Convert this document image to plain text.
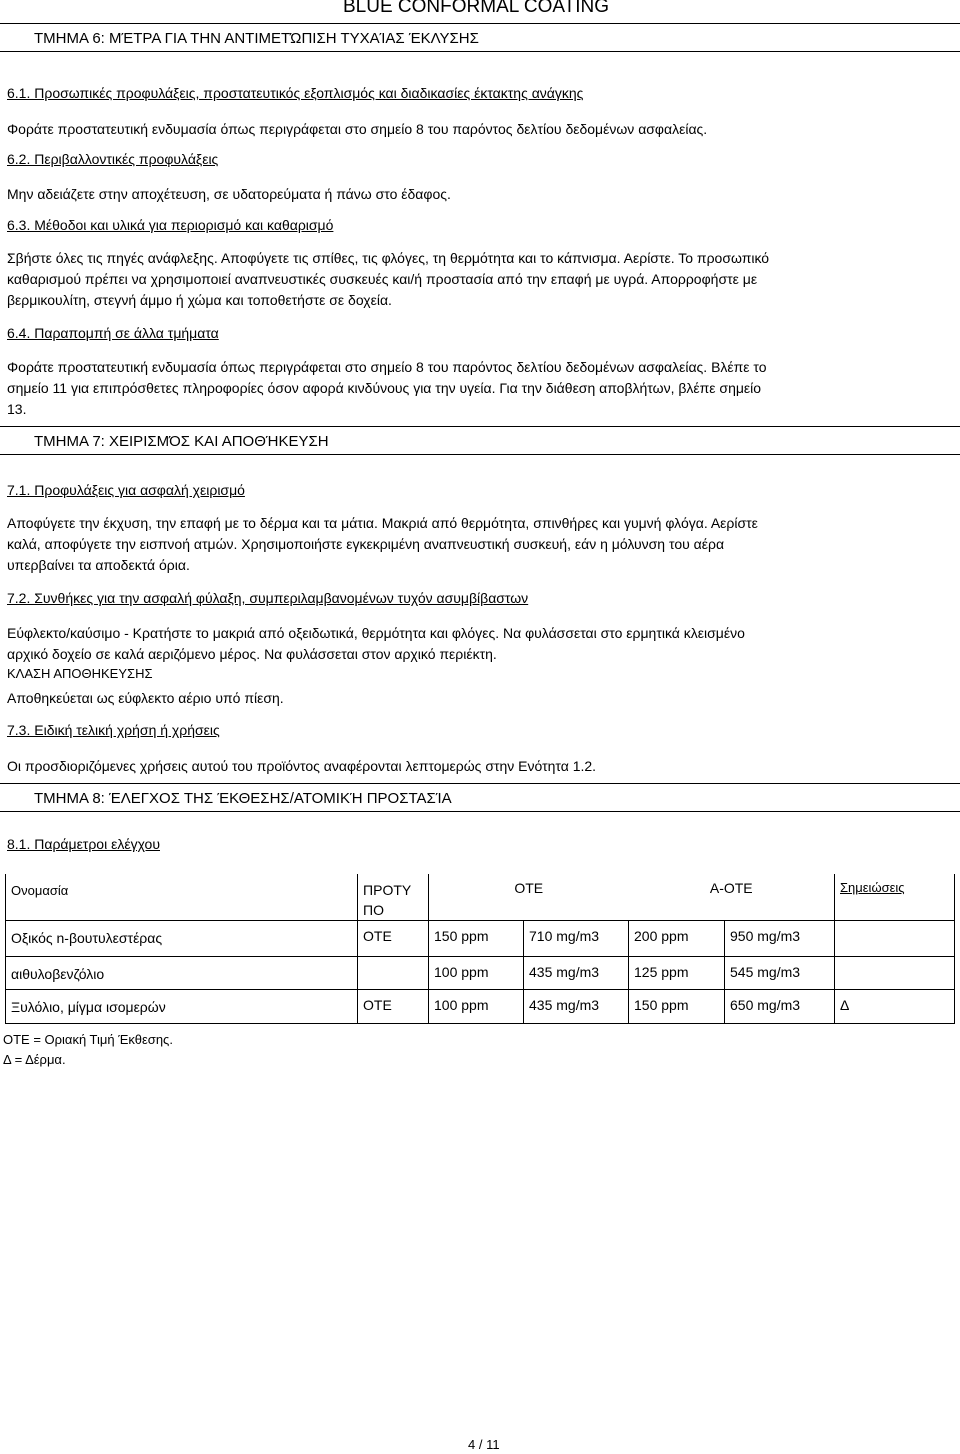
BLUE CONFORMAL COATING
ΤΜΗΜΑ 6: ΜΈΤΡΑ ΓΙΑ ΤΗΝ ΑΝΤΙΜΕΤΏΠΙΣΗ ΤΥΧΑΊΑΣ ΈΚΛΥΣΗΣ
6.1. Προσωπικές προφυλάξεις, προστατευτικός εξοπλισμός και διαδικασίες έκτακτης ανάγκης
Φοράτε προστατευτική ενδυμασία όπως περιγράφεται στο σημείο 8 του παρόντος δελτίου δεδομένων ασφαλείας.
6.2. Περιβαλλοντικές προφυλάξεις
Μην αδειάζετε στην αποχέτευση, σε υδατορεύματα ή πάνω στο έδαφος.
6.3. Μέθοδοι και υλικά για περιορισμό και καθαρισμό
Σβήστε όλες τις πηγές ανάφλεξης. Αποφύγετε τις σπίθες, τις φλόγες, τη θερμότητα και το κάπνισμα. Αερίστε. Το προσωπικό
καθαρισμού πρέπει να χρησιμοποιεί αναπνευστικές συσκευές και/ή προστασία από την επαφή με υγρά. Απορροφήστε με
βερμικουλίτη, στεγνή άμμο ή χώμα και τοποθετήστε σε δοχεία.
6.4. Παραπομπή σε άλλα τμήματα
Φοράτε προστατευτική ενδυμασία όπως περιγράφεται στο σημείο 8 του παρόντος δελτίου δεδομένων ασφαλείας. Βλέπε το
σημείο 11 για επιπρόσθετες πληροφορίες όσον αφορά κινδύνους για την υγεία. Για την διάθεση αποβλήτων, βλέπε σημείο
13.
ΤΜΗΜΑ 7: ΧΕΙΡΙΣΜΌΣ ΚΑΙ ΑΠΟΘΉΚΕΥΣΗ
7.1. Προφυλάξεις για ασφαλή χειρισμό
Αποφύγετε την έκχυση, την επαφή με το δέρμα και τα μάτια. Μακριά από θερμότητα, σπινθήρες και γυμνή φλόγα. Αερίστε
καλά, αποφύγετε την εισπνοή ατμών. Χρησιμοποιήστε εγκεκριμένη αναπνευστική συσκευή, εάν η μόλυνση του αέρα
υπερβαίνει τα αποδεκτά όρια.
7.2. Συνθήκες για την ασφαλή φύλαξη, συμπεριλαμβανομένων τυχόν ασυμβίβαστων
Εύφλεκτο/καύσιμο - Κρατήστε το μακριά από οξειδωτικά, θερμότητα και φλόγες. Να φυλάσσεται στο ερμητικά κλεισμένο
αρχικό δοχείο σε καλά αεριζόμενο μέρος. Να φυλάσσεται στον αρχικό περιέκτη.
ΚΛΑΣΗ ΑΠΟΘΗΚΕΥΣΗΣ
Αποθηκεύεται ως εύφλεκτο αέριο υπό πίεση.
7.3. Ειδική τελική χρήση ή χρήσεις
Οι προσδιοριζόμενες χρήσεις αυτού του προϊόντος αναφέρονται λεπτομερώς στην Ενότητα 1.2.
ΤΜΗΜΑ 8: ΈΛΕΓΧΟΣ ΤΗΣ ΈΚΘΕΣΗΣ/ΑΤΟΜΙΚΉ ΠΡΟΣΤΑΣΊΑ
8.1. Παράμετροι ελέγχου
Ονομασία	ΠΡΟΤΥ
ΠΟ	ΟΤΕ		Α-ΟΤΕ		Σημειώσεις
Οξικός n-βουτυλεστέρας	ΟΤΕ	150 ppm	710 mg/m3	200 ppm	950 mg/m3	
αιθυλοβενζόλιο		100 ppm	435 mg/m3	125 ppm	545 mg/m3	
Ξυλόλιο, μίγμα ισομερών	ΟΤΕ	100 ppm	435 mg/m3	150 ppm	650 mg/m3	Δ
ΟΤΕ = Οριακή Τιμή Έκθεσης.
Δ = Δέρμα.
4 / 11
